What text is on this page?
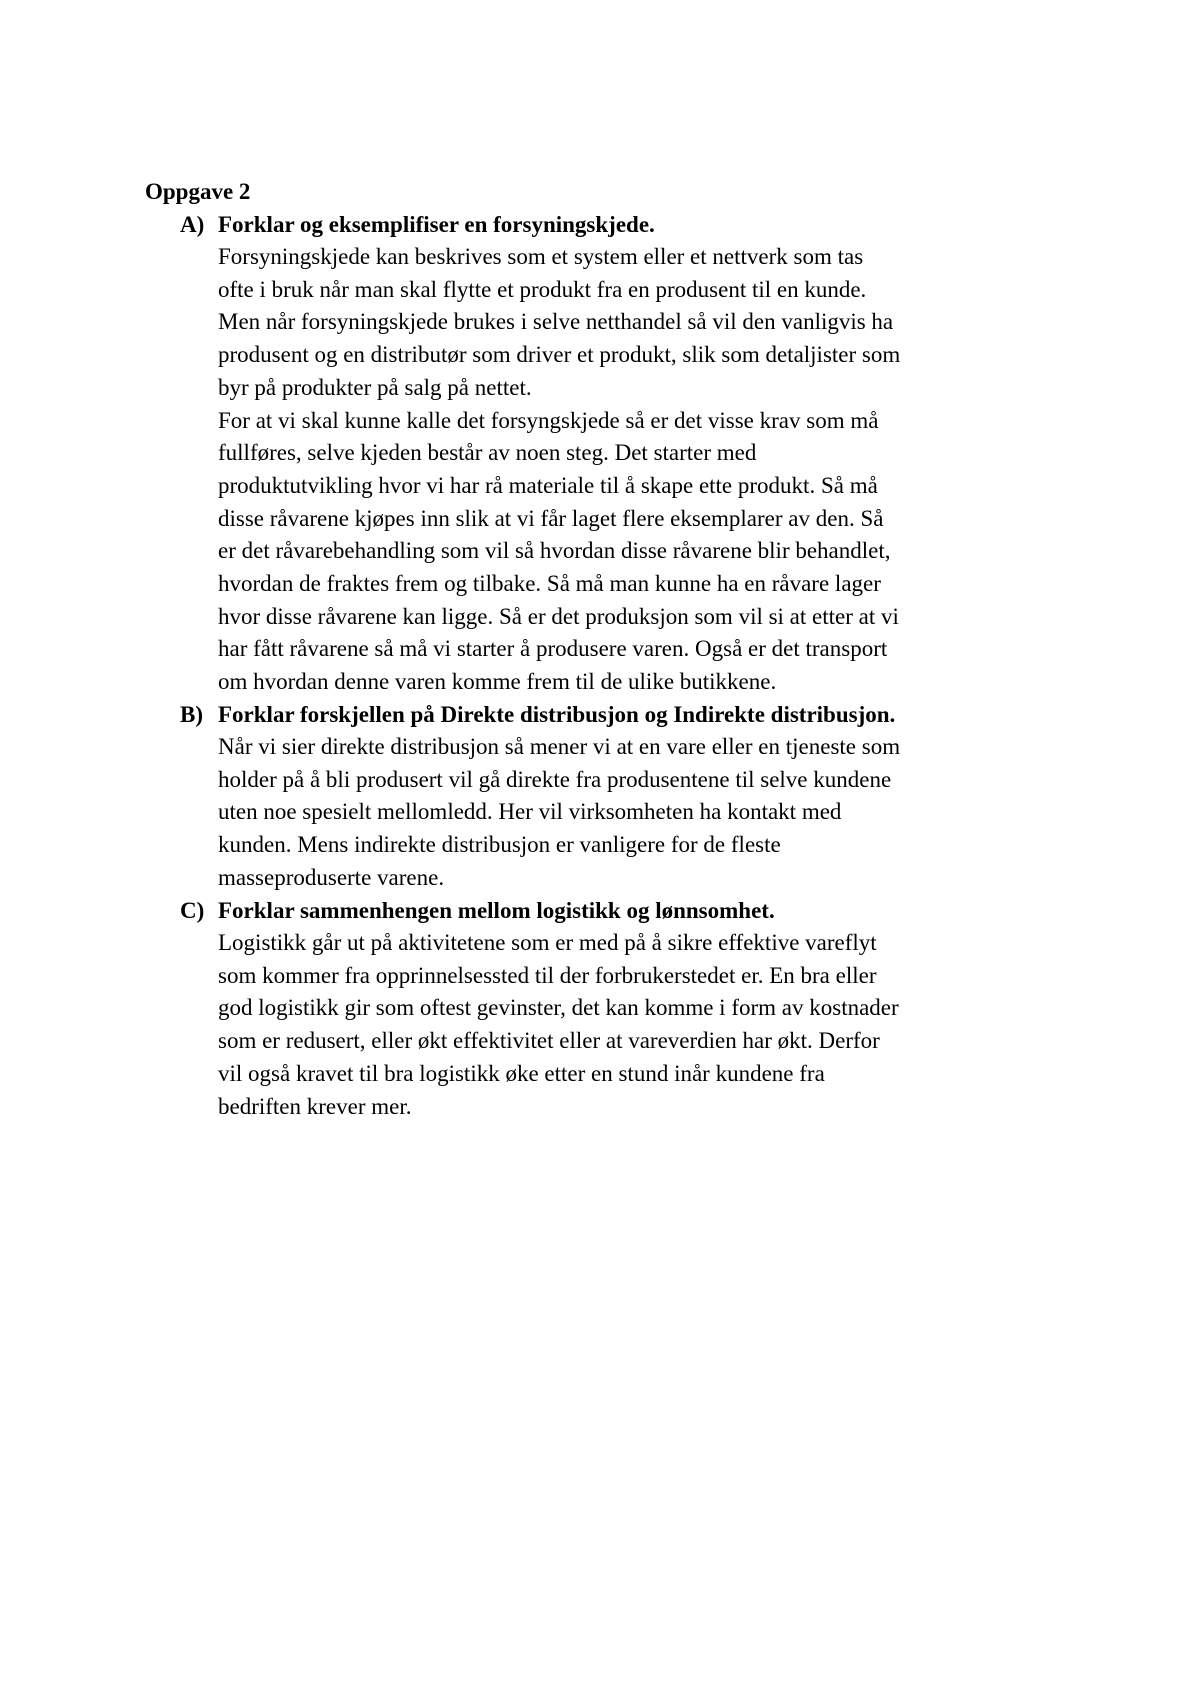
Oppgave 2
A) Forklar og eksemplifiser en forsyningskjede.
Forsyningskjede kan beskrives som et system eller et nettverk som tas
ofte i bruk når man skal flytte et produkt fra en produsent til en kunde.
Men når forsyningskjede brukes i selve netthandel så vil den vanligvis ha
produsent og en distributør som driver et produkt, slik som detaljister som
byr på produkter på salg på nettet.
For at vi skal kunne kalle det forsyngskjede så er det visse krav som må
fullføres, selve kjeden består av noen steg. Det starter med
produktutvikling hvor vi har rå materiale til å skape ette produkt. Så må
disse råvarene kjøpes inn slik at vi får laget flere eksemplarer av den. Så
er det råvarebehandling som vil så hvordan disse råvarene blir behandlet,
hvordan de fraktes frem og tilbake. Så må man kunne ha en råvare lager
hvor disse råvarene kan ligge. Så er det produksjon som vil si at etter at vi
har fått råvarene så må vi starter å produsere varen. Også er det transport
om hvordan denne varen komme frem til de ulike butikkene.
B) Forklar forskjellen på Direkte distribusjon og Indirekte distribusjon.
Når vi sier direkte distribusjon så mener vi at en vare eller en tjeneste som
holder på å bli produsert vil gå direkte fra produsentene til selve kundene
uten noe spesielt mellomledd. Her vil virksomheten ha kontakt med
kunden. Mens indirekte distribusjon er vanligere for de fleste
masseproduserte varene.
C) Forklar sammenhengen mellom logistikk og lønnsomhet.
Logistikk går ut på aktivitetene som er med på å sikre effektive vareflyt
som kommer fra opprinnelsessted til der forbrukerstedet er. En bra eller
god logistikk gir som oftest gevinster, det kan komme i form av kostnader
som er redusert, eller økt effektivitet eller at vareverdien har økt. Derfor
vil også kravet til bra logistikk øke etter en stund inår kundene fra
bedriften krever mer.
